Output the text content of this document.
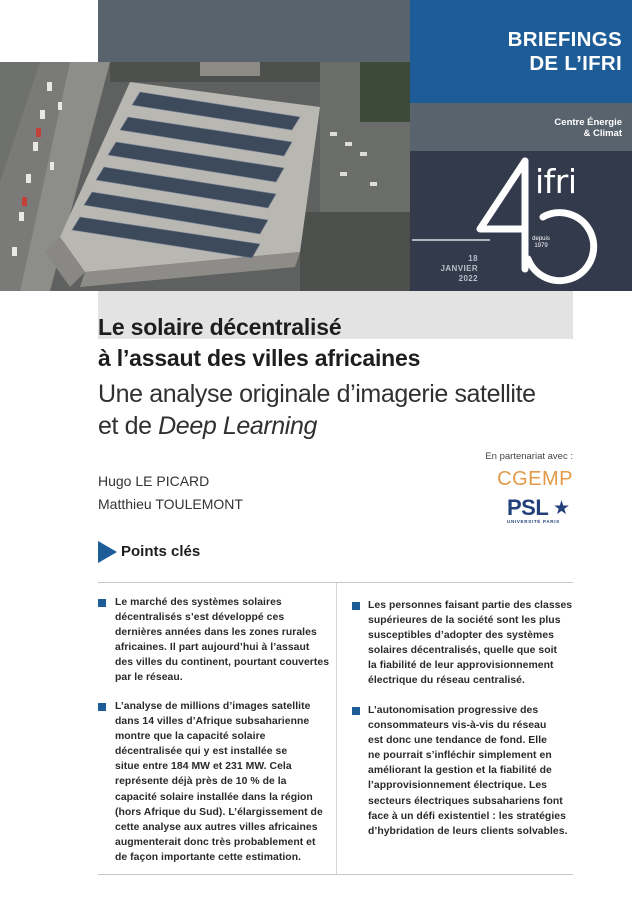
BRIEFINGS
DE L’IFRI
Centre Énergie
& Climat
ifri
depuis
1979
18
JANVIER
2022
Le solaire décentralisé
à l’assaut des villes africaines
Une analyse originale d’imagerie satellite
et de Deep Learning
Hugo LE PICARD
Matthieu TOULEMONT
En partenariat avec :
CGEMP
PSL ★
UNIVERSITÉ PARIS
Points clés
Le marché des systèmes solaires
décentralisés s’est développé ces
dernières années dans les zones rurales
africaines. Il part aujourd’hui à l’assaut
des villes du continent, pourtant couvertes
par le réseau.
L’analyse de millions d’images satellite
dans 14 villes d’Afrique subsaharienne
montre que la capacité solaire
décentralisée qui y est installée se
situe entre 184 MW et 231 MW. Cela
représente déjà près de 10 % de la
capacité solaire installée dans la région
(hors Afrique du Sud). L’élargissement de
cette analyse aux autres villes africaines
augmenterait donc très probablement et
de façon importante cette estimation.
Les personnes faisant partie des classes
supérieures de la société sont les plus
susceptibles d’adopter des systèmes
solaires décentralisés, quelle que soit
la fiabilité de leur approvisionnement
électrique du réseau centralisé.
L’autonomisation progressive des
consommateurs vis-à-vis du réseau
est donc une tendance de fond. Elle
ne pourrait s’infléchir simplement en
améliorant la gestion et la fiabilité de
l’approvisionnement électrique. Les
secteurs électriques subsahariens font
face à un défi existentiel : les stratégies
d’hybridation de leurs clients solvables.
